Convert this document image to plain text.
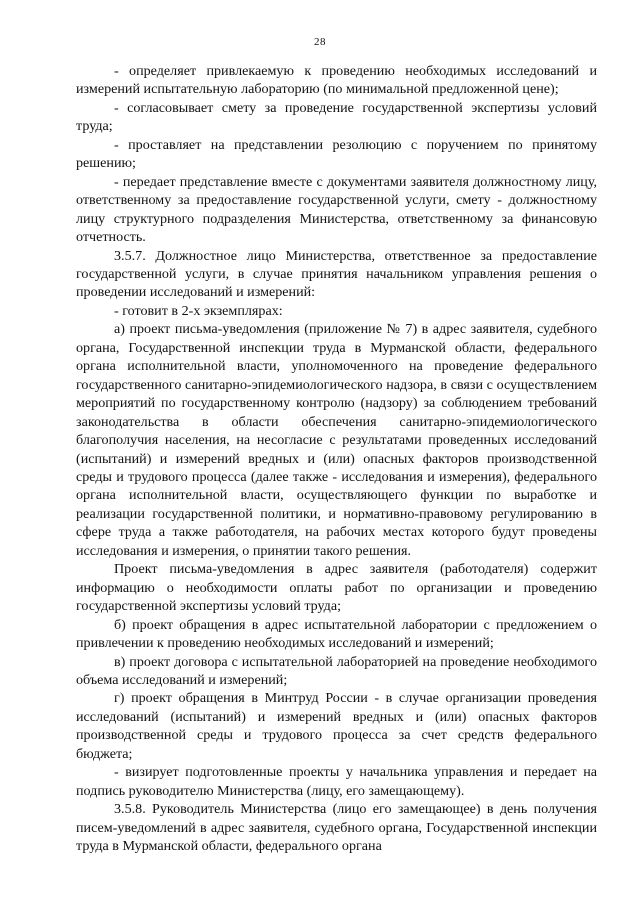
28

- определяет привлекаемую к проведению необходимых исследований и измерений испытательную лабораторию (по минимальной предложенной цене);

- согласовывает смету за проведение государственной экспертизы условий труда;

- проставляет на представлении резолюцию с поручением по принятому решению;

- передает представление вместе с документами заявителя должностному лицу, ответственному за предоставление государственной услуги, смету - должностному лицу структурного подразделения Министерства, ответственному за финансовую отчетность.

3.5.7. Должностное лицо Министерства, ответственное за предоставление государственной услуги, в случае принятия начальником управления решения о проведении исследований и измерений:

- готовит в 2-х экземплярах:

а) проект письма-уведомления (приложение № 7) в адрес заявителя, судебного органа, Государственной инспекции труда в Мурманской области, федерального органа исполнительной власти, уполномоченного на проведение федерального государственного санитарно-эпидемиологического надзора, в связи с осуществлением мероприятий по государственному контролю (надзору) за соблюдением требований законодательства в области обеспечения санитарно-эпидемиологического благополучия населения, на несогласие с результатами проведенных исследований (испытаний) и измерений вредных и (или) опасных факторов производственной среды и трудового процесса (далее также - исследования и измерения), федерального органа исполнительной власти, осуществляющего функции по выработке и реализации государственной политики, и нормативно-правовому регулированию в сфере труда а также работодателя, на рабочих местах которого будут проведены исследования и измерения, о принятии такого решения.

Проект письма-уведомления в адрес заявителя (работодателя) содержит информацию о необходимости оплаты работ по организации и проведению государственной экспертизы условий труда;

б) проект обращения в адрес испытательной лаборатории с предложением о привлечении к проведению необходимых исследований и измерений;

в) проект договора с испытательной лабораторией на проведение необходимого объема исследований и измерений;

г) проект обращения в Минтруд России - в случае организации проведения исследований (испытаний) и измерений вредных и (или) опасных факторов производственной среды и трудового процесса за счет средств федерального бюджета;

- визирует подготовленные проекты у начальника управления и передает на подпись руководителю Министерства (лицу, его замещающему).

3.5.8. Руководитель Министерства (лицо его замещающее) в день получения писем-уведомлений в адрес заявителя, судебного органа, Государственной инспекции труда в Мурманской области, федерального органа
